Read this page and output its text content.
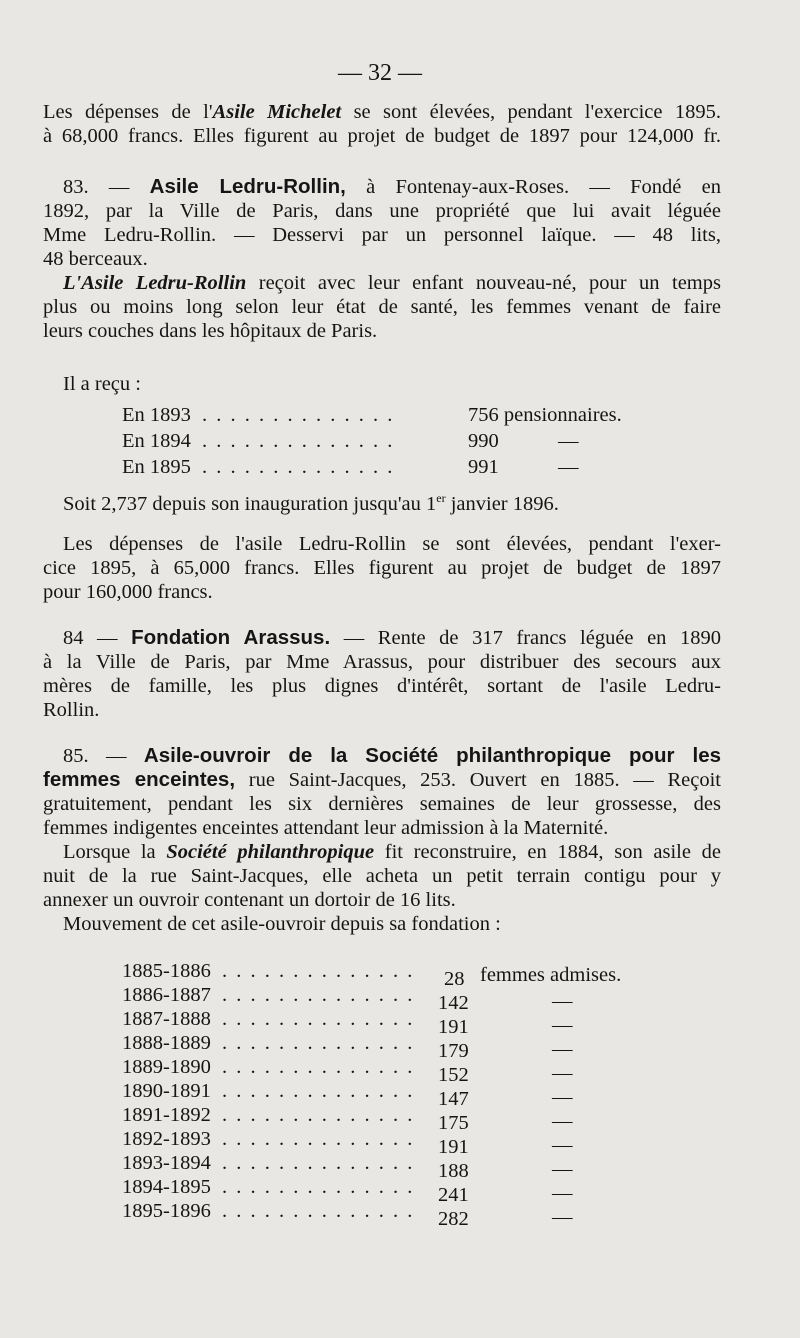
— 32 —
Les dépenses de l'Asile Michelet se sont élevées, pendant l'exercice 1895.
à 68,000 francs. Elles figurent au projet de budget de 1897 pour 124,000 fr.
83. — Asile Ledru-Rollin, à Fontenay-aux-Roses. — Fondé en
1892, par la Ville de Paris, dans une propriété que lui avait léguée
Mme Ledru-Rollin. — Desservi par un personnel laïque. — 48 lits,
48 berceaux.
L'Asile Ledru-Rollin reçoit avec leur enfant nouveau-né, pour un temps
plus ou moins long selon leur état de santé, les femmes venant de faire
leurs couches dans les hôpitaux de Paris.
Il a reçu :
En 1893 . . . . . . . . . . . . . .	756 pensionnaires.
En 1894 . . . . . . . . . . . . . .	990	—
En 1895 . . . . . . . . . . . . . .	991	—
Soit 2,737 depuis son inauguration jusqu'au 1er janvier 1896.
Les dépenses de l'asile Ledru-Rollin se sont élevées, pendant l'exer-
cice 1895, à 65,000 francs. Elles figurent au projet de budget de 1897
pour 160,000 francs.
84 — Fondation Arassus. — Rente de 317 francs léguée en 1890
à la Ville de Paris, par Mme Arassus, pour distribuer des secours aux
mères de famille, les plus dignes d'intérêt, sortant de l'asile Ledru-
Rollin.
85. — Asile-ouvroir de la Société philanthropique pour les
femmes enceintes, rue Saint-Jacques, 253. Ouvert en 1885. — Reçoit
gratuitement, pendant les six dernières semaines de leur grossesse, des
femmes indigentes enceintes attendant leur admission à la Maternité.
Lorsque la Société philanthropique fit reconstruire, en 1884, son asile de
nuit de la rue Saint-Jacques, elle acheta un petit terrain contigu pour y
annexer un ouvroir contenant un dortoir de 16 lits.
Mouvement de cet asile-ouvroir depuis sa fondation :
1885-1886 . . . . . . . . . . . . . . 28 femmes admises.
1886-1887 . . . . . . . . . . . . . . 142	—
1887-1888 . . . . . . . . . . . . . . 191	—
1888-1889 . . . . . . . . . . . . . . 179	—
1889-1890 . . . . . . . . . . . . . . 152	—
1890-1891 . . . . . . . . . . . . . . 147	—
1891-1892 . . . . . . . . . . . . . . 175	—
1892-1893 . . . . . . . . . . . . . . 191	—
1893-1894 . . . . . . . . . . . . . . 188	—
1894-1895 . . . . . . . . . . . . . . 241	—
1895-1896 . . . . . . . . . . . . . . 282	—
